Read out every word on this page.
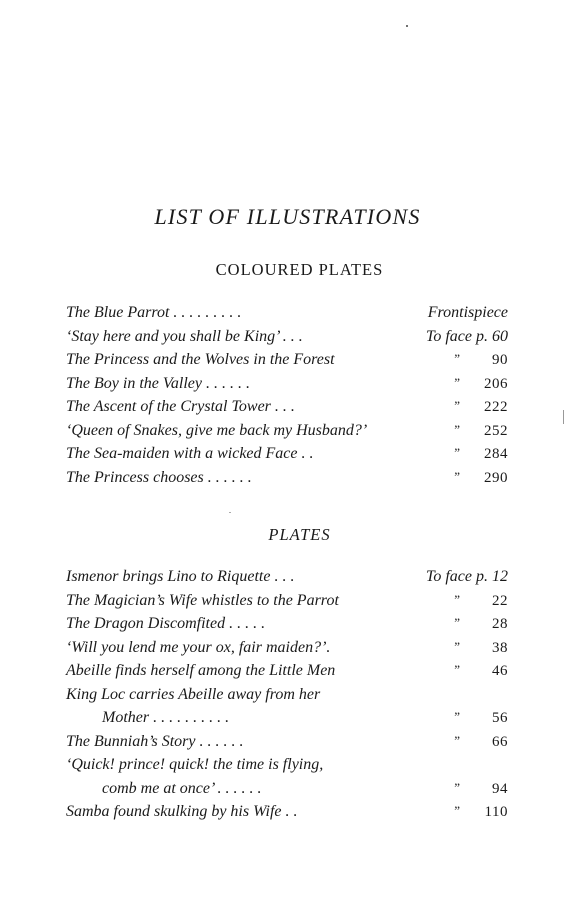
LIST OF ILLUSTRATIONS
COLOURED PLATES
The Blue Parrot . . . . . . . . .	Frontispiece
‘Stay here and you shall be King’ . . .	To face p. 60
The Princess and the Wolves in the Forest	” 90
The Boy in the Valley . . . . . .	” 206
The Ascent of the Crystal Tower . . .	” 222
‘Queen of Snakes, give me back my Husband?’	” 252
The Sea-maiden with a wicked Face . .	” 284
The Princess chooses . . . . . .	” 290
PLATES
Ismenor brings Lino to Riquette . . .	To face p. 12
The Magician’s Wife whistles to the Parrot	” 22
The Dragon Discomfited . . . . .	” 28
‘Will you lend me your ox, fair maiden?’.	” 38
Abeille finds herself among the Little Men	” 46
King Loc carries Abeille away from her
Mother . . . . . . . . . .	” 56
The Bunniah’s Story . . . . . .	” 66
‘Quick! prince! quick! the time is flying,
comb me at once’ . . . . . .	” 94
Samba found skulking by his Wife . .	” 110
